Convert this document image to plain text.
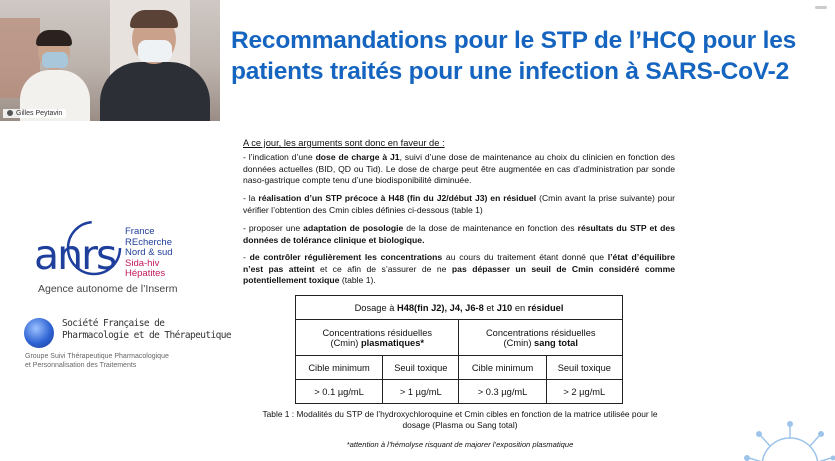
Gilles Peytavin
Recommandations pour le STP de l’HCQ pour les patients traités pour une infection à SARS-CoV-2
anrs France
REcherche
Nord & sud
Sida-hiv
Hépatites
Agence autonome de l’Inserm
Société Française de
Pharmacologie et de Thérapeutique
Groupe Suivi Thérapeutique Pharmacologique
et Personnalisation des Traitements
A ce jour, les arguments sont donc en faveur de :
- l’indication d’une dose de charge à J1, suivi d’une dose de maintenance au choix du clinicien en fonction des données actuelles (BID, QD ou Tid). Le dose de charge peut être augmentée en cas d’administration par sonde naso-gastrique compte tenu d’une biodisponibilité diminuée.
- la réalisation d’un STP précoce à H48 (fin du J2/début J3) en résiduel (Cmin avant la prise suivante) pour vérifier l’obtention des Cmin cibles définies ci-dessous (table 1)
- proposer une adaptation de posologie de la dose de maintenance en fonction des résultats du STP et des données de tolérance clinique et biologique.
- de contrôler régulièrement les concentrations au cours du traitement étant donné que l’état d’équilibre n’est pas atteint et ce afin de s’assurer de ne pas dépasser un seuil de Cmin considéré comme potentiellement toxique (table 1).
Dosage à H48(fin J2), J4, J6-8 et J10 en résiduel			
Concentrations résiduelles
(Cmin) plasmatiques*		Concentrations résiduelles
(Cmin) sang total	
Cible minimum	Seuil toxique	Cible minimum	Seuil toxique
> 0.1 µg/mL	> 1 µg/mL	> 0.3 µg/mL	> 2 µg/mL
Table 1 : Modalités du STP de l’hydroxychloroquine et Cmin cibles en fonction de la matrice utilisée pour le dosage (Plasma ou Sang total)
*attention à l’hémolyse risquant de majorer l’exposition plasmatique
